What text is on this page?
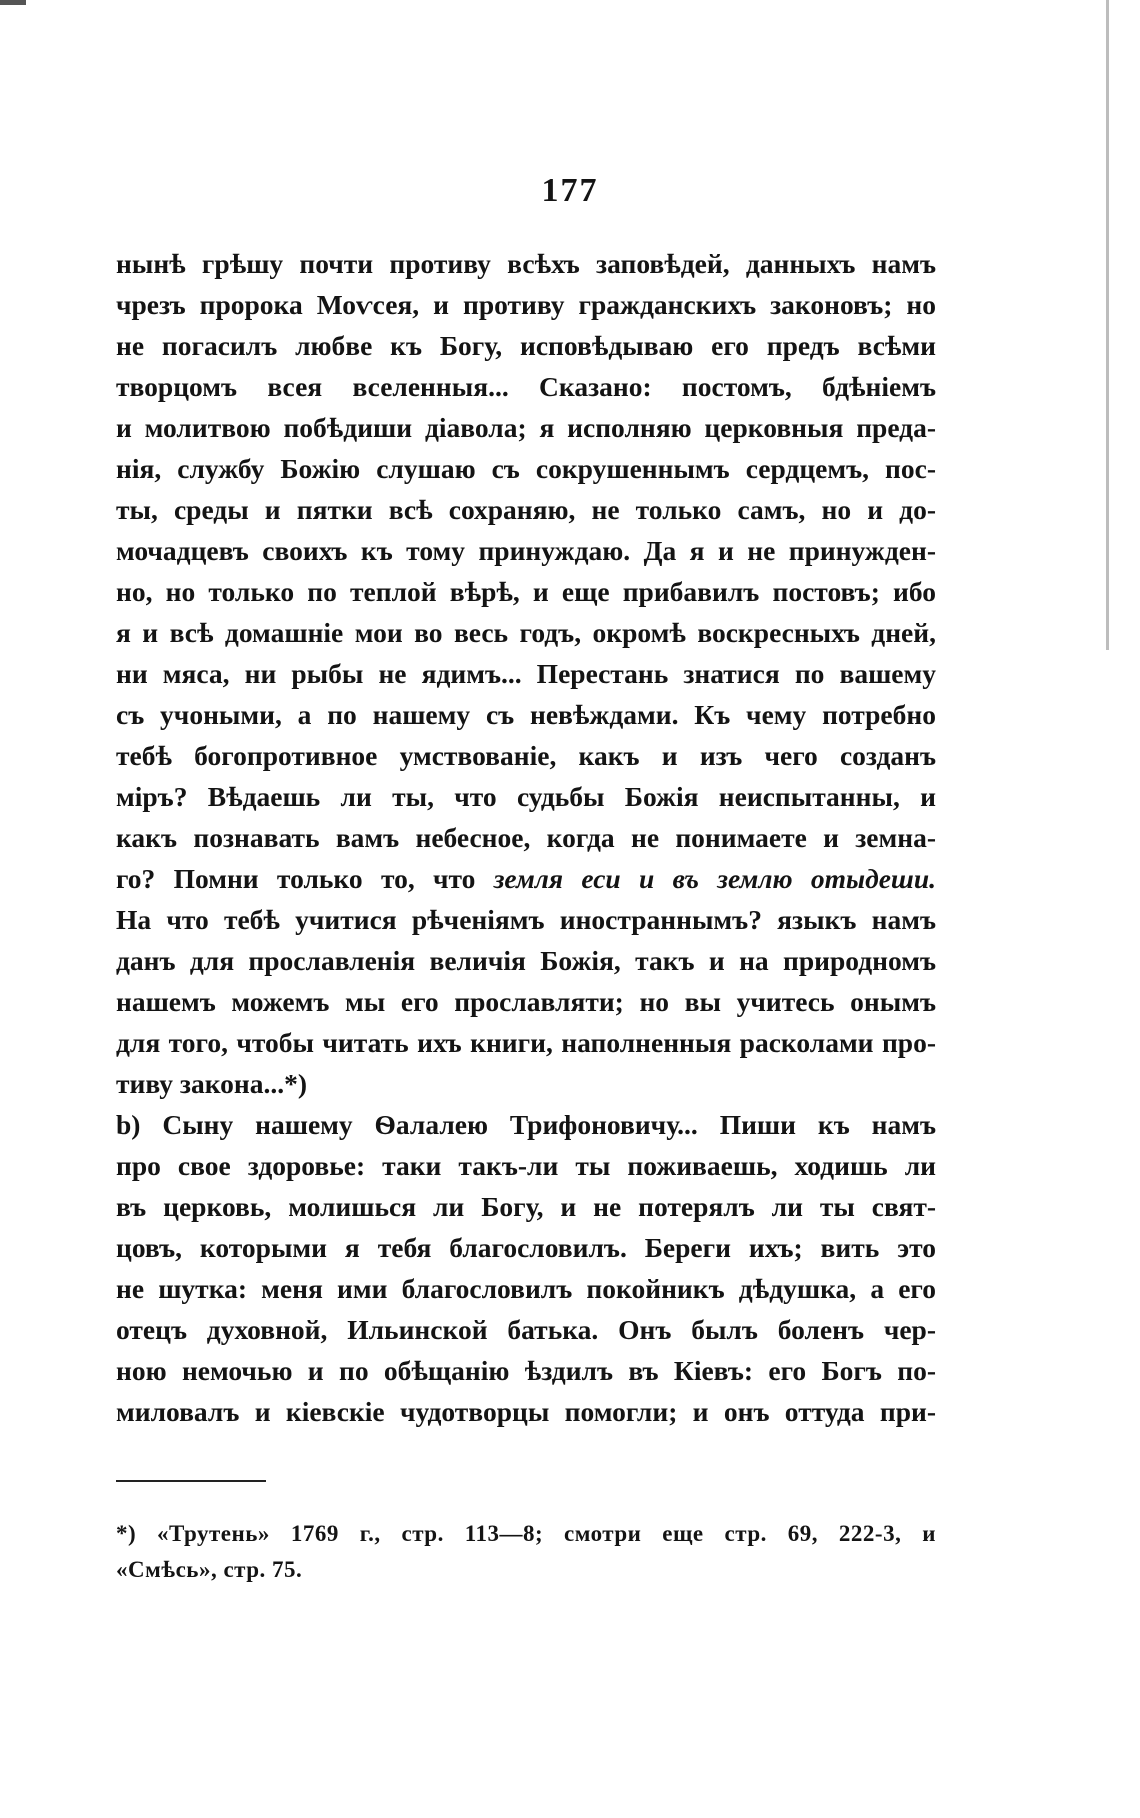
177
нынѣ грѣшу почти противу всѣхъ заповѣдей, данныхъ намъ
чрезъ пророка Моѵсея, и противу гражданскихъ законовъ; но
не погасилъ любве къ Богу, исповѣдываю его предъ всѣми
творцомъ всея вселенныя... Сказано: постомъ, бдѣніемъ
и молитвою побѣдиши діавола; я исполняю церковныя преда-
нія, службу Божію слушаю съ сокрушеннымъ сердцемъ, пос-
ты, среды и пятки всѣ сохраняю, не только самъ, но и до-
мочадцевъ своихъ къ тому принуждаю. Да я и не принужден-
но, но только по теплой вѣрѣ, и еще прибавилъ постовъ; ибо
я и всѣ домашніе мои во весь годъ, окромѣ воскресныхъ дней,
ни мяса, ни рыбы не ядимъ... Перестань знатися по вашему
съ учоными, а по нашему съ невѣждами. Къ чему потребно
тебѣ богопротивное умствованіе, какъ и изъ чего созданъ
міръ? Вѣдаешь ли ты, что судьбы Божія неиспытанны, и
какъ познавать вамъ небесное, когда не понимаете и земна-
го? Помни только то, что земля еси и въ землю отыдеши.
На что тебѣ учитися рѣченіямъ иностраннымъ? языкъ намъ
данъ для прославленія величія Божія, такъ и на природномъ
нашемъ можемъ мы его прославляти; но вы учитесь онымъ
для того, чтобы читать ихъ книги, наполненныя расколами про-
тиву закона...*)
b) Сыну нашему Ѳалалею Трифоновичу... Пиши къ намъ
про свое здоровье: таки такъ-ли ты поживаешь, ходишь ли
въ церковь, молишься ли Богу, и не потерялъ ли ты свят-
цовъ, которыми я тебя благословилъ. Береги ихъ; вить это
не шутка: меня ими благословилъ покойникъ дѣдушка, а его
отецъ духовной, Ильинской батька. Онъ былъ боленъ чер-
ною немочью и по обѣщанію ѣздилъ въ Кіевъ: его Богъ по-
миловалъ и кіевскіе чудотворцы помогли; и онъ оттуда при-
*) «Трутень» 1769 г., стр. 113—8; смотри еще стр. 69, 222-3, и
«Смѣсь», стр. 75.
